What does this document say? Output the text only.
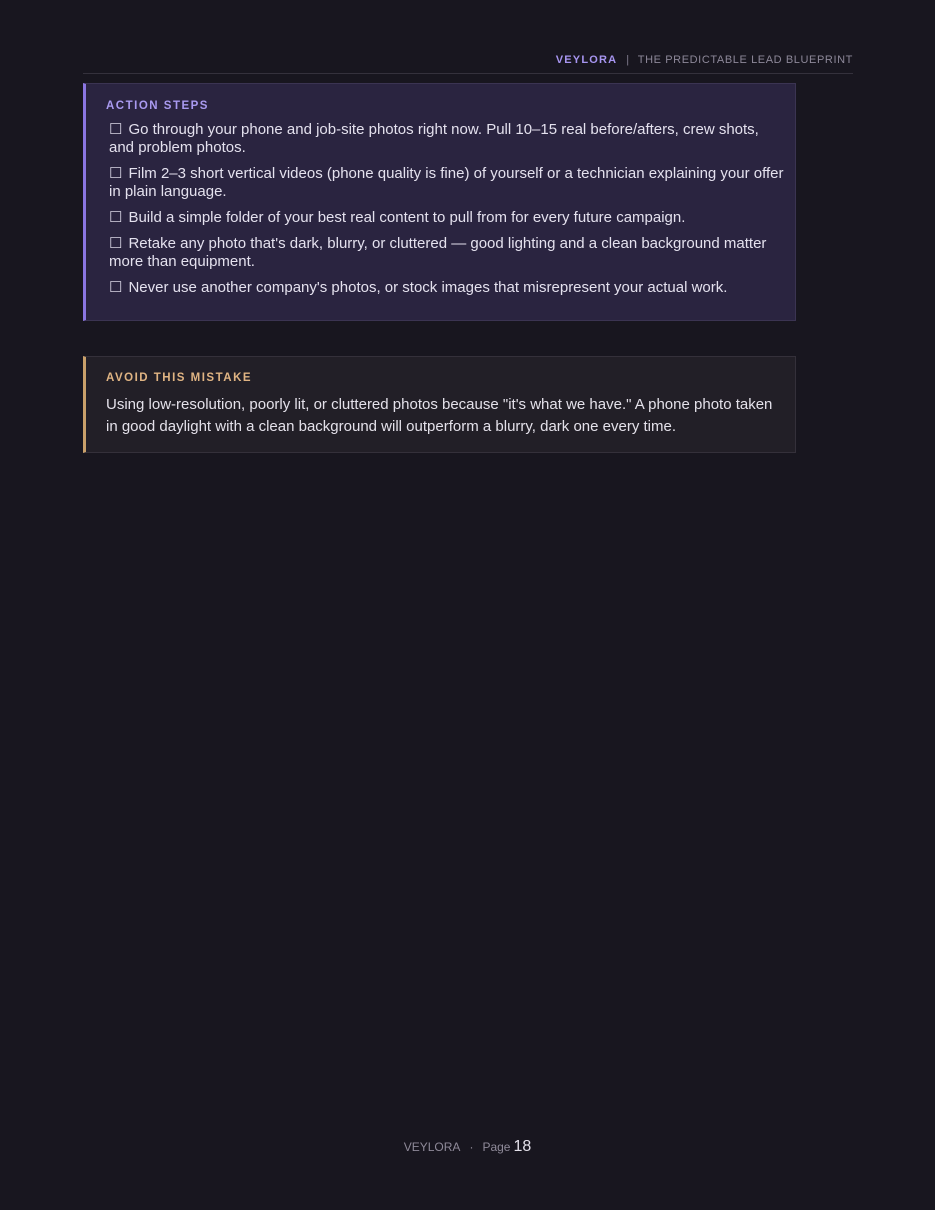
VEYLORA | THE PREDICTABLE LEAD BLUEPRINT
ACTION STEPS
☐ Go through your phone and job-site photos right now. Pull 10–15 real before/afters, crew shots, and problem photos.
☐ Film 2–3 short vertical videos (phone quality is fine) of yourself or a technician explaining your offer in plain language.
☐ Build a simple folder of your best real content to pull from for every future campaign.
☐ Retake any photo that's dark, blurry, or cluttered — good lighting and a clean background matter more than equipment.
☐ Never use another company's photos, or stock images that misrepresent your actual work.
AVOID THIS MISTAKE

Using low-resolution, poorly lit, or cluttered photos because "it's what we have." A phone photo taken in good daylight with a clean background will outperform a blurry, dark one every time.

VEYLORA · Page 18
